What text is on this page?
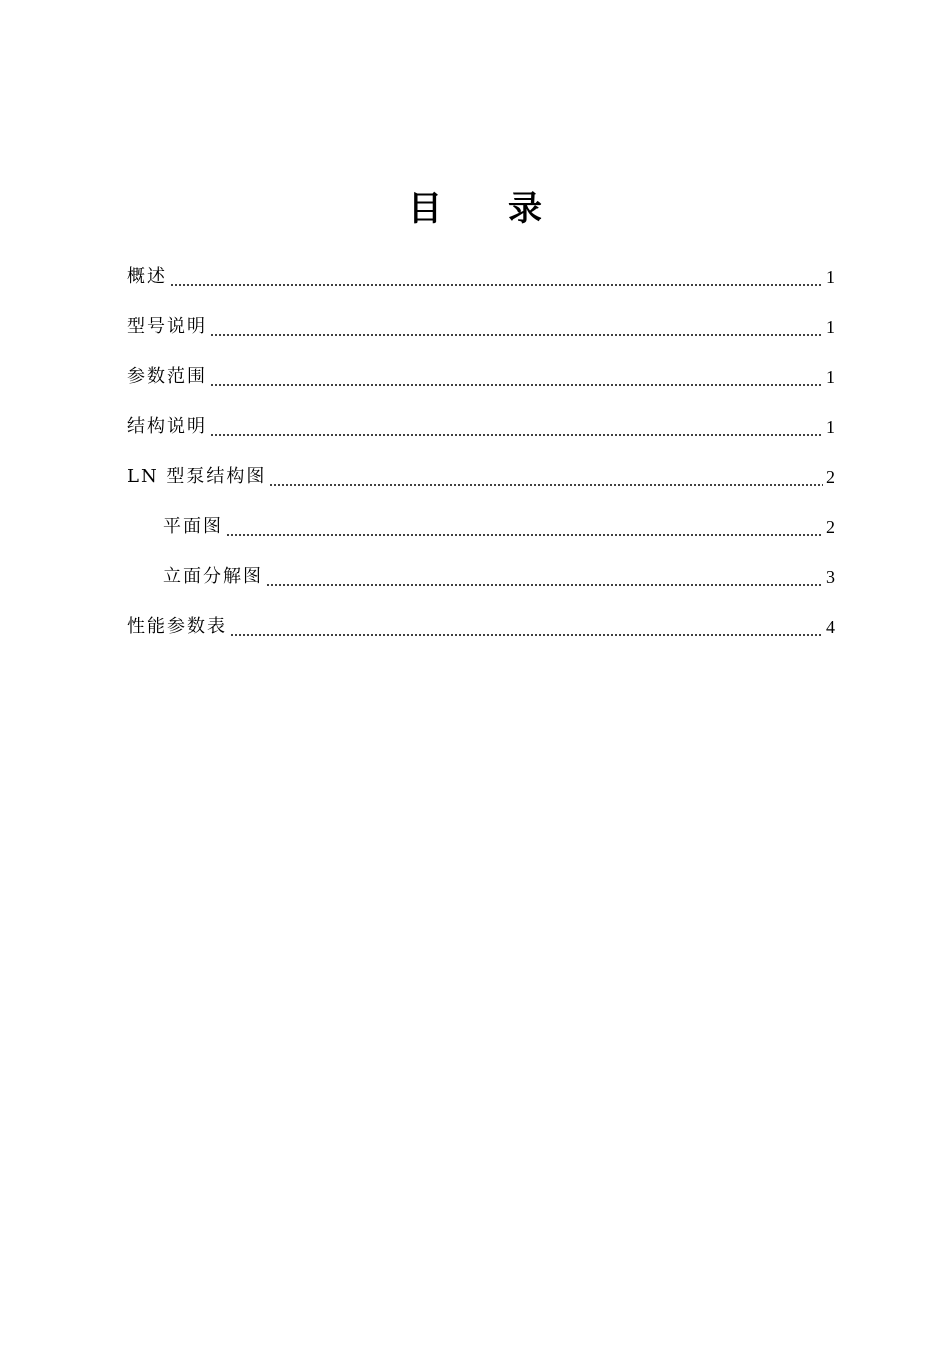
目 录
概述	1
型号说明	1
参数范围	1
结构说明	1
LN 型泵结构图	2
平面图	2
立面分解图	3
性能参数表	4
